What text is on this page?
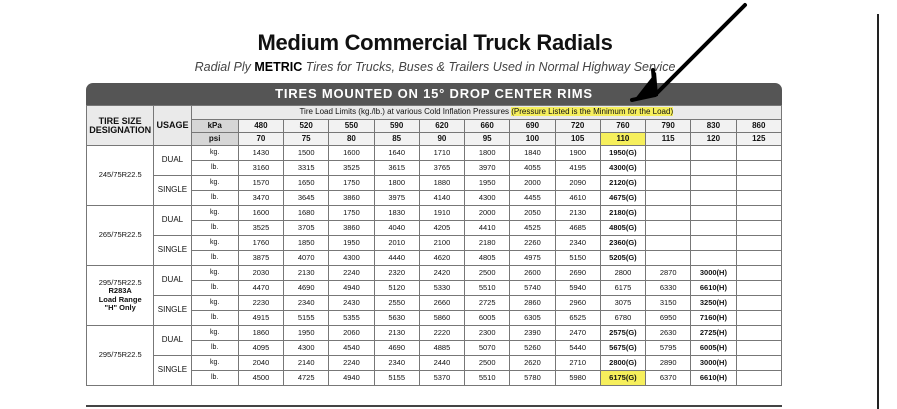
Medium Commercial Truck Radials
Radial Ply METRIC Tires for Trucks, Buses & Trailers Used in Normal Highway Service
TIRES MOUNTED ON 15° DROP CENTER RIMS
TIRE SIZE DESIGNATION	USAGE	Tire Load Limits (kg./lb.) at various Cold Inflation Pressures (Pressure Listed is the Minimum for the Load)												
		kPa	480	520	550	590	620	660	690	720	760	790	830	860
		psi	70	75	80	85	90	95	100	105	110	115	120	125

245/75R22.5	DUAL	kg.	1430	1500	1600	1640	1710	1800	1840	1900	1950(G)			
		lb.	3160	3315	3525	3615	3765	3970	4055	4195	4300(G)			
	SINGLE	kg.	1570	1650	1750	1800	1880	1950	2000	2090	2120(G)			
		lb.	3470	3645	3860	3975	4140	4300	4455	4610	4675(G)			

265/75R22.5	DUAL	kg.	1600	1680	1750	1830	1910	2000	2050	2130	2180(G)			
		lb.	3525	3705	3860	4040	4205	4410	4525	4685	4805(G)			
	SINGLE	kg.	1760	1850	1950	2010	2100	2180	2260	2340	2360(G)			
		lb.	3875	4070	4300	4440	4620	4805	4975	5150	5205(G)			

295/75R22.5
R283A
Load Range
"H" Only	DUAL	kg.	2030	2130	2240	2320	2420	2500	2600	2690	2800	2870	3000(H)	
		lb.	4470	4690	4940	5120	5330	5510	5740	5940	6175	6330	6610(H)	
	SINGLE	kg.	2230	2340	2430	2550	2660	2725	2860	2960	3075	3150	3250(H)	
		lb.	4915	5155	5355	5630	5860	6005	6305	6525	6780	6950	7160(H)	

295/75R22.5	DUAL	kg.	1860	1950	2060	2130	2220	2300	2390	2470	2575(G)	2630	2725(H)	
		lb.	4095	4300	4540	4690	4885	5070	5260	5440	5675(G)	5795	6005(H)	
	SINGLE	kg.	2040	2140	2240	2340	2440	2500	2620	2710	2800(G)	2890	3000(H)	
		lb.	4500	4725	4940	5155	5370	5510	5780	5980	6175(G)	6370	6610(H)	
